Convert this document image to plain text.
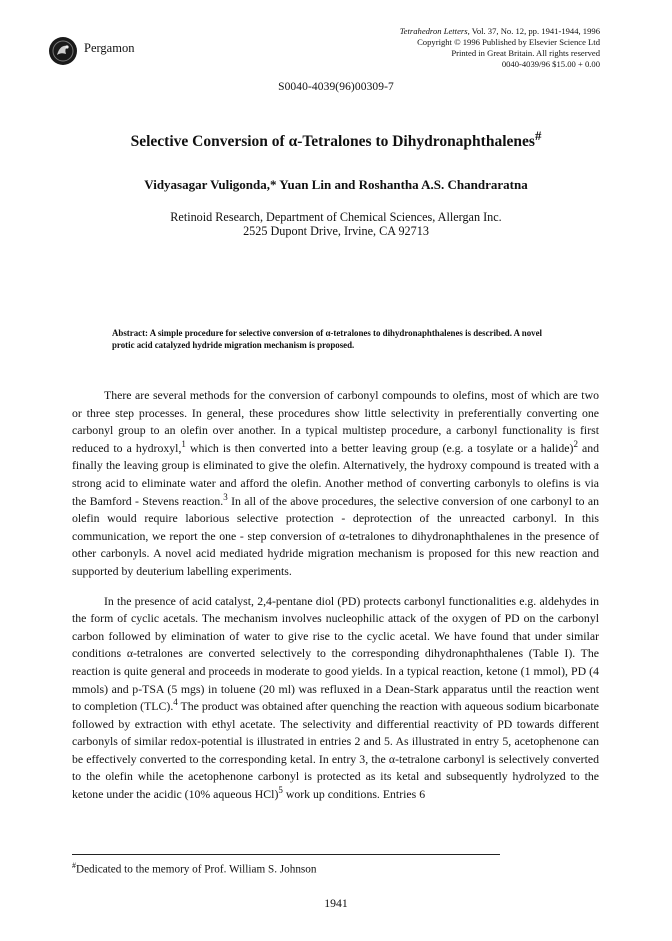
Pergamon
Tetrahedron Letters, Vol. 37, No. 12, pp. 1941-1944, 1996
Copyright © 1996 Published by Elsevier Science Ltd
Printed in Great Britain. All rights reserved
0040-4039/96 $15.00 + 0.00
S0040-4039(96)00309-7
Selective Conversion of α-Tetralones to Dihydronaphthalenes#
Vidyasagar Vuligonda,* Yuan Lin and Roshantha A.S. Chandraratna
Retinoid Research, Department of Chemical Sciences, Allergan Inc.
2525 Dupont Drive, Irvine, CA 92713
Abstract: A simple procedure for selective conversion of α-tetralones to dihydronaphthalenes is described. A novel protic acid catalyzed hydride migration mechanism is proposed.

There are several methods for the conversion of carbonyl compounds to olefins, most of which are two or three step processes. In general, these procedures show little selectivity in preferentially converting one carbonyl group to an olefin over another. In a typical multistep procedure, a carbonyl functionality is first reduced to a hydroxyl,$^1$ which is then converted into a better leaving group (e.g. a tosylate or a halide)$^2$ and finally the leaving group is eliminated to give the olefin. Alternatively, the hydroxy compound is treated with a strong acid to eliminate water and afford the olefin. Another method of converting carbonyls to olefins is via the Bamford - Stevens reaction.$^3$ In all of the above procedures, the selective conversion of one carbonyl to an olefin would require laborious selective protection - deprotection of the unreacted carbonyl. In this communication, we report the one - step conversion of α-tetralones to dihydronaphthalenes in the presence of other carbonyls. A novel acid mediated hydride migration mechanism is proposed for this new reaction and supported by deuterium labelling experiments.

In the presence of acid catalyst, 2,4-pentane diol (PD) protects carbonyl functionalities e.g. aldehydes in the form of cyclic acetals. The mechanism involves nucleophilic attack of the oxygen of PD on the carbonyl carbon followed by elimination of water to give rise to the cyclic acetal. We have found that under similar conditions α-tetralones are converted selectively to the corresponding dihydronaphthalenes (Table I). The reaction is quite general and proceeds in moderate to good yields. In a typical reaction, ketone (1 mmol), PD (4 mmols) and p-TSA (5 mgs) in toluene (20 ml) was refluxed in a Dean-Stark apparatus until the reaction went to completion (TLC).$^4$ The product was obtained after quenching the reaction with aqueous sodium bicarbonate followed by extraction with ethyl acetate. The selectivity and differential reactivity of PD towards different carbonyls of similar redox-potential is illustrated in entries 2 and 5. As illustrated in entry 5, acetophenone can be effectively converted to the corresponding ketal. In entry 3, the α-tetralone carbonyl is selectively converted to the olefin while the acetophenone carbonyl is protected as its ketal and subsequently hydrolyzed to the ketone under the acidic (10% aqueous HCl)$^5$ work up conditions. Entries 6

#Dedicated to the memory of Prof. William S. Johnson
1941
